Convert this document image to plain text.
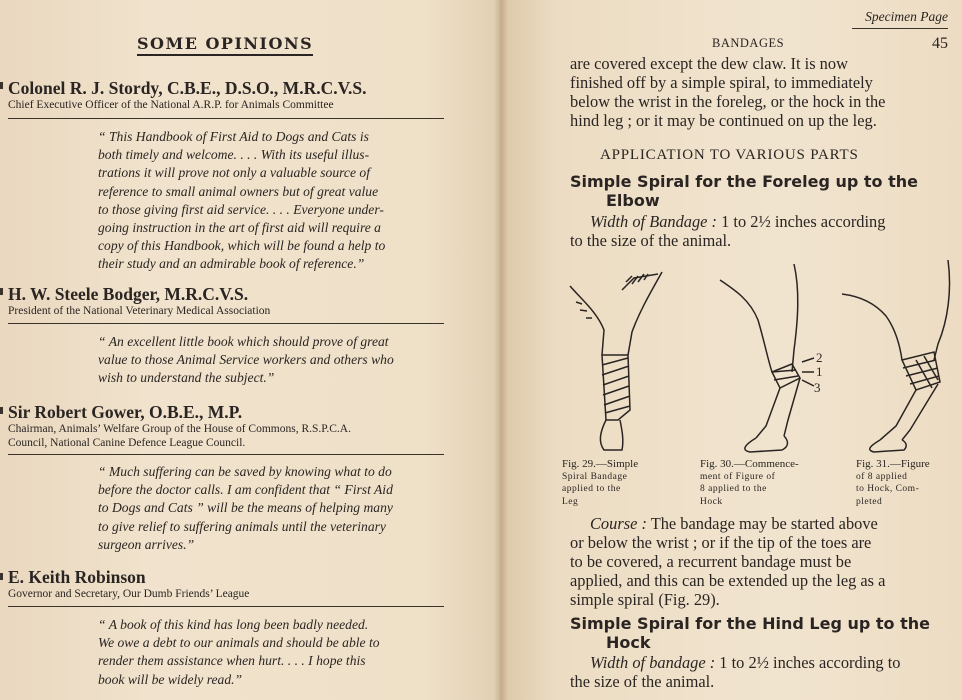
SOME OPINIONS
Colonel R. J. Stordy, C.B.E., D.S.O., M.R.C.V.S.
Chief Executive Officer of the National A.R.P. for Animals Committee
“ This Handbook of First Aid to Dogs and Cats is
both timely and welcome. . . . With its useful illus-
trations it will prove not only a valuable source of
reference to small animal owners but of great value
to those giving first aid service. . . . Everyone under-
going instruction in the art of first aid will require a
copy of this Handbook, which will be found a help to
their study and an admirable book of reference.”
H. W. Steele Bodger, M.R.C.V.S.
President of the National Veterinary Medical Association
“ An excellent little book which should prove of great
value to those Animal Service workers and others who
wish to understand the subject.”
Sir Robert Gower, O.B.E., M.P.
Chairman, Animals’ Welfare Group of the House of Commons, R.S.P.C.A.
Council, National Canine Defence League Council.
“ Much suffering can be saved by knowing what to do
before the doctor calls. I am confident that “ First Aid
to Dogs and Cats ” will be the means of helping many
to give relief to suffering animals until the veterinary
surgeon arrives.”
E. Keith Robinson
Governor and Secretary, Our Dumb Friends’ League
“ A book of this kind has long been badly needed.
We owe a debt to our animals and should be able to
render them assistance when hurt. . . . I hope this
book will be widely read.”
Specimen Page
BANDAGES	45
are covered except the dew claw. It is now
finished off by a simple spiral, to immediately
below the wrist in the foreleg, or the hock in the
hind leg ; or it may be continued on up the leg.
APPLICATION TO VARIOUS PARTS
Simple Spiral for the Foreleg up to the
Elbow
Width of Bandage : 1 to 2½ inches according
to the size of the animal.
2
1
3
Fig. 29.—Simple
Spiral Bandage
applied to the
Leg
Fig. 30.—Commence-
ment of Figure of
8 applied to the
Hock
Fig. 31.—Figure
of 8 applied
to Hock, Com-
pleted
Course : The bandage may be started above
or below the wrist ; or if the tip of the toes are
to be covered, a recurrent bandage must be
applied, and this can be extended up the leg as a
simple spiral (Fig. 29).
Simple Spiral for the Hind Leg up to the
Hock
Width of bandage : 1 to 2½ inches according to
the size of the animal.
